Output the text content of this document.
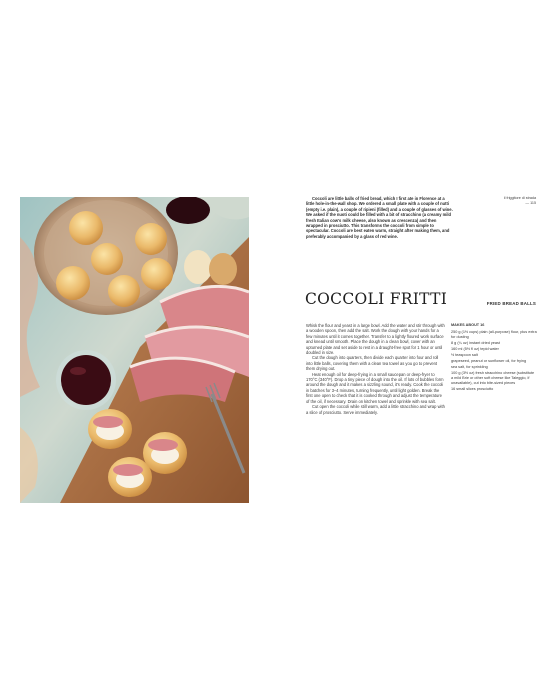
Coccoli are little balls of fried bread, which I first ate in Florence at a little hole-in-the-wall shop. We ordered a small plate with a couple of nutti (empty i.e. plain), a couple of ripieni (filled) and a couple of glasses of wine. We asked if the nuoti could be filled with a bit of stracchino (a creamy mild fresh Italian cow's milk cheese, also known as crescenza) and then wrapped in prosciutto. This transforms the coccoli from simple to spectacular. Coccoli are best eaten warm, straight after making them, and preferably accompanied by a glass of red wine.

il friggitore di strada
— 115
COCCOLI FRITTI	FRIED BREAD BALLS

Whisk the flour and yeast in a large bowl. Add the water and stir through with a wooden spoon, then add the salt. Work the dough with your hands for a few minutes until it comes together. Transfer to a lightly floured work surface and knead until smooth. Place the dough in a clean bowl, cover with an upturned plate and set aside to rest in a draught-free spot for 1 hour or until doubled in size.

Cut the dough into quarters, then divide each quarter into four and roll into little balls, covering them with a clean tea towel as you go to prevent them drying out.

Heat enough oil for deep-frying in a small saucepan or deep-fryer to 170°C (340°F). Drop a tiny piece of dough into the oil. If lots of bubbles form around the dough and it makes a sizzling sound, it's ready. Cook the coccoli in batches for 3–4 minutes, turning frequently, until light golden. Break the first one open to check that it is cooked through and adjust the temperature of the oil, if necessary. Drain on kitchen towel and sprinkle with sea salt.

Cut open the coccoli while still warm, add a little stracchino and wrap with a slice of prosciutto. Serve immediately.

MAKES ABOUT 16

250 g (1½ cups) plain (all-purpose) flour, plus extra for dusting
8 g (¼ oz) instant dried yeast
160 ml (5½ fl oz) tepid water
½ teaspoon salt
grapeseed, peanut or sunflower oil, for frying
sea salt, for sprinkling
100 g (3½ oz) fresh stracchino cheese (substitute a mild Brie or other soft cheese like Taleggio, if unavailable), cut into bite-sized pieces
16 small slices prosciutto
